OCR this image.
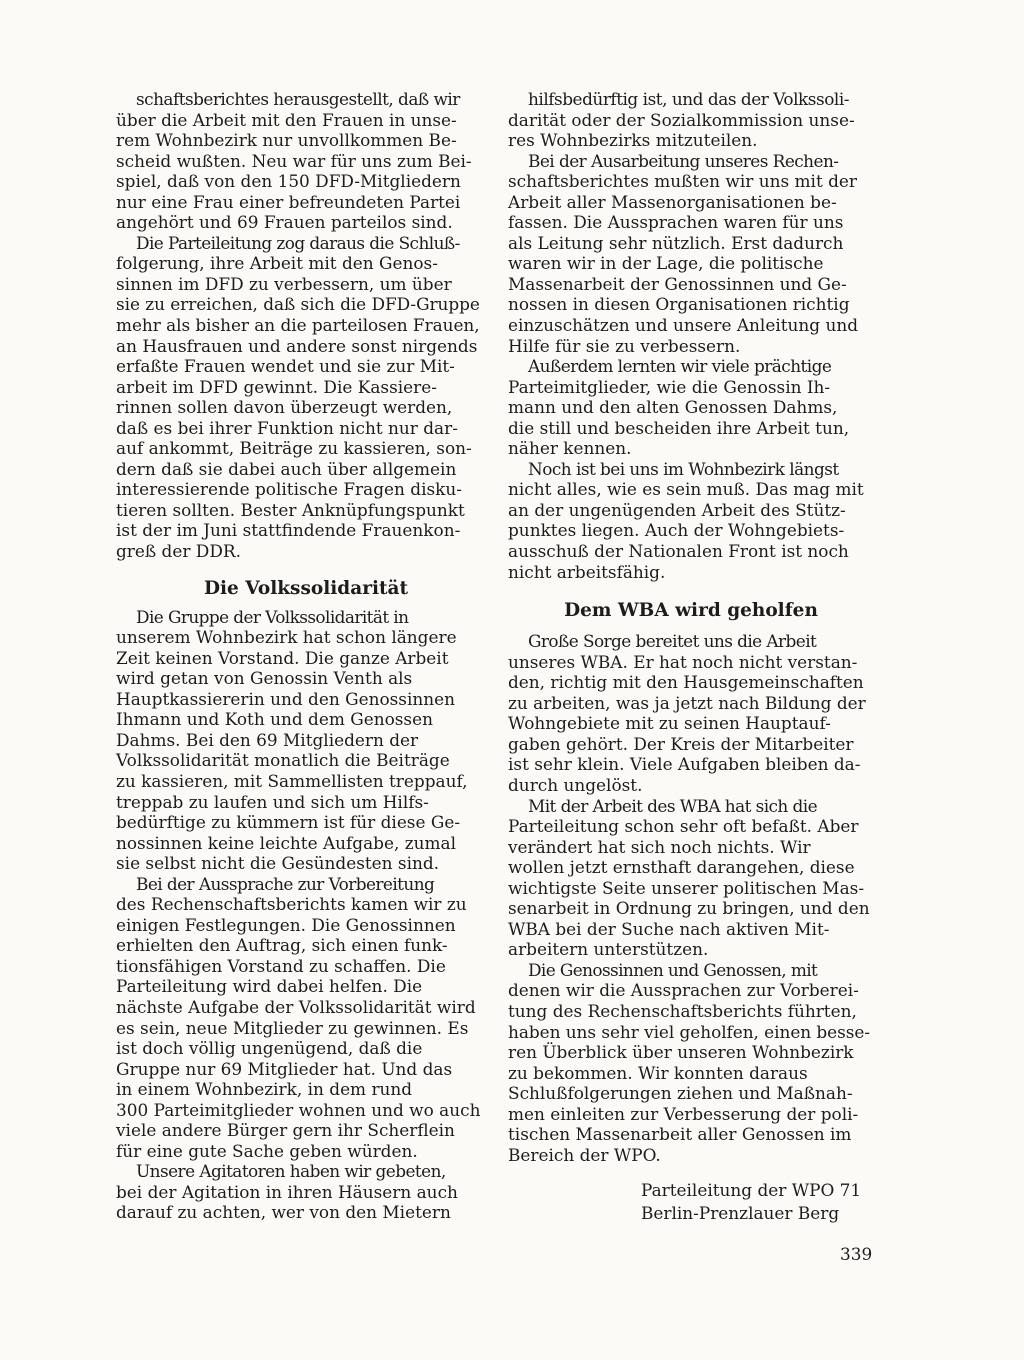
schaftsberichtes herausgestellt, daß wir
über die Arbeit mit den Frauen in unse-
rem Wohnbezirk nur unvollkommen Be-
scheid wußten. Neu war für uns zum Bei-
spiel, daß von den 150 DFD-Mitgliedern
nur eine Frau einer befreundeten Partei
angehört und 69 Frauen parteilos sind.

Die Parteileitung zog daraus die Schluß-
folgerung, ihre Arbeit mit den Genos-
sinnen im DFD zu verbessern, um über
sie zu erreichen, daß sich die DFD-Gruppe
mehr als bisher an die parteilosen Frauen,
an Hausfrauen und andere sonst nirgends
erfaßte Frauen wendet und sie zur Mit-
arbeit im DFD gewinnt. Die Kassiere-
rinnen sollen davon überzeugt werden,
daß es bei ihrer Funktion nicht nur dar-
auf ankommt, Beiträge zu kassieren, son-
dern daß sie dabei auch über allgemein
interessierende politische Fragen disku-
tieren sollten. Bester Anknüpfungspunkt
ist der im Juni stattfindende Frauenkon-
greß der DDR.

Die Volkssolidarität

Die Gruppe der Volkssolidarität in
unserem Wohnbezirk hat schon längere
Zeit keinen Vorstand. Die ganze Arbeit
wird getan von Genossin Venth als
Hauptkassiererin und den Genossinnen
Ihmann und Koth und dem Genossen
Dahms. Bei den 69 Mitgliedern der
Volkssolidarität monatlich die Beiträge
zu kassieren, mit Sammellisten treppauf,
treppab zu laufen und sich um Hilfs-
bedürftige zu kümmern ist für diese Ge-
nossinnen keine leichte Aufgabe, zumal
sie selbst nicht die Gesündesten sind.

Bei der Aussprache zur Vorbereitung
des Rechenschaftsberichts kamen wir zu
einigen Festlegungen. Die Genossinnen
erhielten den Auftrag, sich einen funk-
tionsfähigen Vorstand zu schaffen. Die
Parteileitung wird dabei helfen. Die
nächste Aufgabe der Volkssolidarität wird
es sein, neue Mitglieder zu gewinnen. Es
ist doch völlig ungenügend, daß die
Gruppe nur 69 Mitglieder hat. Und das
in einem Wohnbezirk, in dem rund
300 Parteimitglieder wohnen und wo auch
viele andere Bürger gern ihr Scherflein
für eine gute Sache geben würden.

Unsere Agitatoren haben wir gebeten,
bei der Agitation in ihren Häusern auch
darauf zu achten, wer von den Mietern

hilfsbedürftig ist, und das der Volkssoli-
darität oder der Sozialkommission unse-
res Wohnbezirks mitzuteilen.

Bei der Ausarbeitung unseres Rechen-
schaftsberichtes mußten wir uns mit der
Arbeit aller Massenorganisationen be-
fassen. Die Aussprachen waren für uns
als Leitung sehr nützlich. Erst dadurch
waren wir in der Lage, die politische
Massenarbeit der Genossinnen und Ge-
nossen in diesen Organisationen richtig
einzuschätzen und unsere Anleitung und
Hilfe für sie zu verbessern.

Außerdem lernten wir viele prächtige
Parteimitglieder, wie die Genossin Ih-
mann und den alten Genossen Dahms,
die still und bescheiden ihre Arbeit tun,
näher kennen.

Noch ist bei uns im Wohnbezirk längst
nicht alles, wie es sein muß. Das mag mit
an der ungenügenden Arbeit des Stütz-
punktes liegen. Auch der Wohngebiets-
ausschuß der Nationalen Front ist noch
nicht arbeitsfähig.

Dem WBA wird geholfen

Große Sorge bereitet uns die Arbeit
unseres WBA. Er hat noch nicht verstan-
den, richtig mit den Hausgemeinschaften
zu arbeiten, was ja jetzt nach Bildung der
Wohngebiete mit zu seinen Hauptauf-
gaben gehört. Der Kreis der Mitarbeiter
ist sehr klein. Viele Aufgaben bleiben da-
durch ungelöst.

Mit der Arbeit des WBA hat sich die
Parteileitung schon sehr oft befaßt. Aber
verändert hat sich noch nichts. Wir
wollen jetzt ernsthaft darangehen, diese
wichtigste Seite unserer politischen Mas-
senarbeit in Ordnung zu bringen, und den
WBA bei der Suche nach aktiven Mit-
arbeitern unterstützen.

Die Genossinnen und Genossen, mit
denen wir die Aussprachen zur Vorberei-
tung des Rechenschaftsberichts führten,
haben uns sehr viel geholfen, einen besse-
ren Überblick über unseren Wohnbezirk
zu bekommen. Wir konnten daraus
Schlußfolgerungen ziehen und Maßnah-
men einleiten zur Verbesserung der poli-
tischen Massenarbeit aller Genossen im
Bereich der WPO.

Parteileitung der WPO 71
Berlin-Prenzlauer Berg
339
